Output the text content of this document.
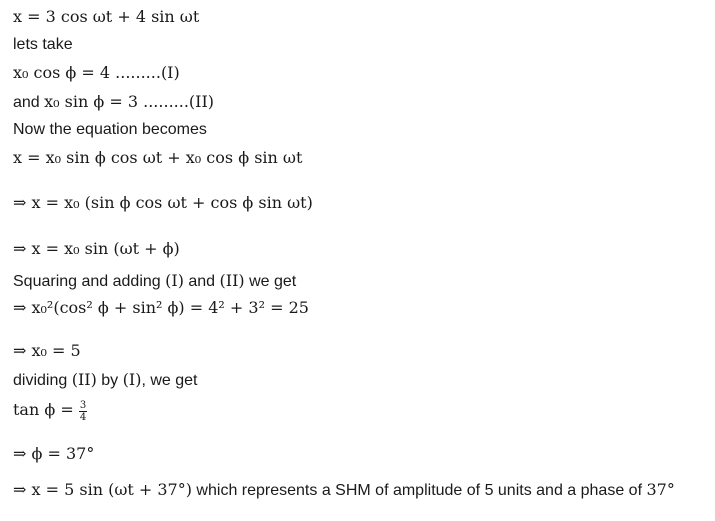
x = 3 cos ωt + 4 sin ωt
lets take
x₀ cos ϕ = 4 .........(I)
and x₀ sin ϕ = 3 .........(II)
Now the equation becomes
x = x₀ sin ϕ cos ωt + x₀ cos ϕ sin ωt
⇒ x = x₀ (sin ϕ cos ωt + cos ϕ sin ωt)
⇒ x = x₀ sin (ωt + ϕ)
Squaring and adding (I) and (II) we get
⇒ x₀²(cos² ϕ + sin² ϕ) = 4² + 3² = 25
⇒ x₀ = 5
dividing (II) by (I), we get
$\tan \phi = \frac{3}{4}$
⇒ ϕ = 37°
⇒ x = 5 sin (ωt + 37°) which represents a SHM of amplitude of 5 units and a phase of 37°
